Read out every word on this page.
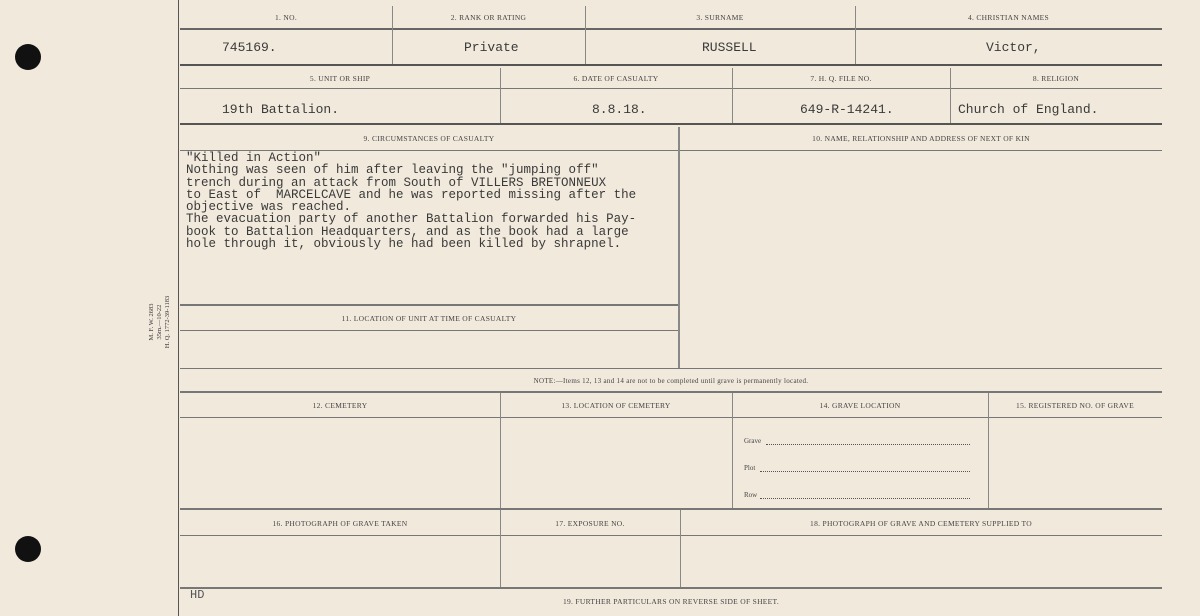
M. F. W. 2683 35m.—10-22 H. Q. 1772-39-1183
1. NO.	2. RANK OR RATING	3. SURNAME	4. CHRISTIAN NAMES
745169.	Private	RUSSELL	Victor,
5. UNIT OR SHIP	6. DATE OF CASUALTY	7. H. Q. FILE NO.	8. RELIGION
19th Battalion.	8.8.18.	649-R-14241.	Church of England.
9. CIRCUMSTANCES OF CASUALTY	10. NAME, RELATIONSHIP AND ADDRESS OF NEXT OF KIN
"Killed in Action"
Nothing was seen of him after leaving the "jumping off"
trench during an attack from South of VILLERS BRETONNEUX
to East of  MARCELCAVE and he was reported missing after the
objective was reached.
The evacuation party of another Battalion forwarded his Pay-
book to Battalion Headquarters, and as the book had a large
hole through it, obviously he had been killed by shrapnel.
11. LOCATION OF UNIT AT TIME OF CASUALTY
NOTE:—Items 12, 13 and 14 are not to be completed until grave is permanently located.
12. CEMETERY	13. LOCATION OF CEMETERY	14. GRAVE LOCATION	15. REGISTERED NO. OF GRAVE
Grave
Plot
Row
16. PHOTOGRAPH OF GRAVE TAKEN	17. EXPOSURE NO.	18. PHOTOGRAPH OF GRAVE AND CEMETERY SUPPLIED TO
HD	19. FURTHER PARTICULARS ON REVERSE SIDE OF SHEET.
